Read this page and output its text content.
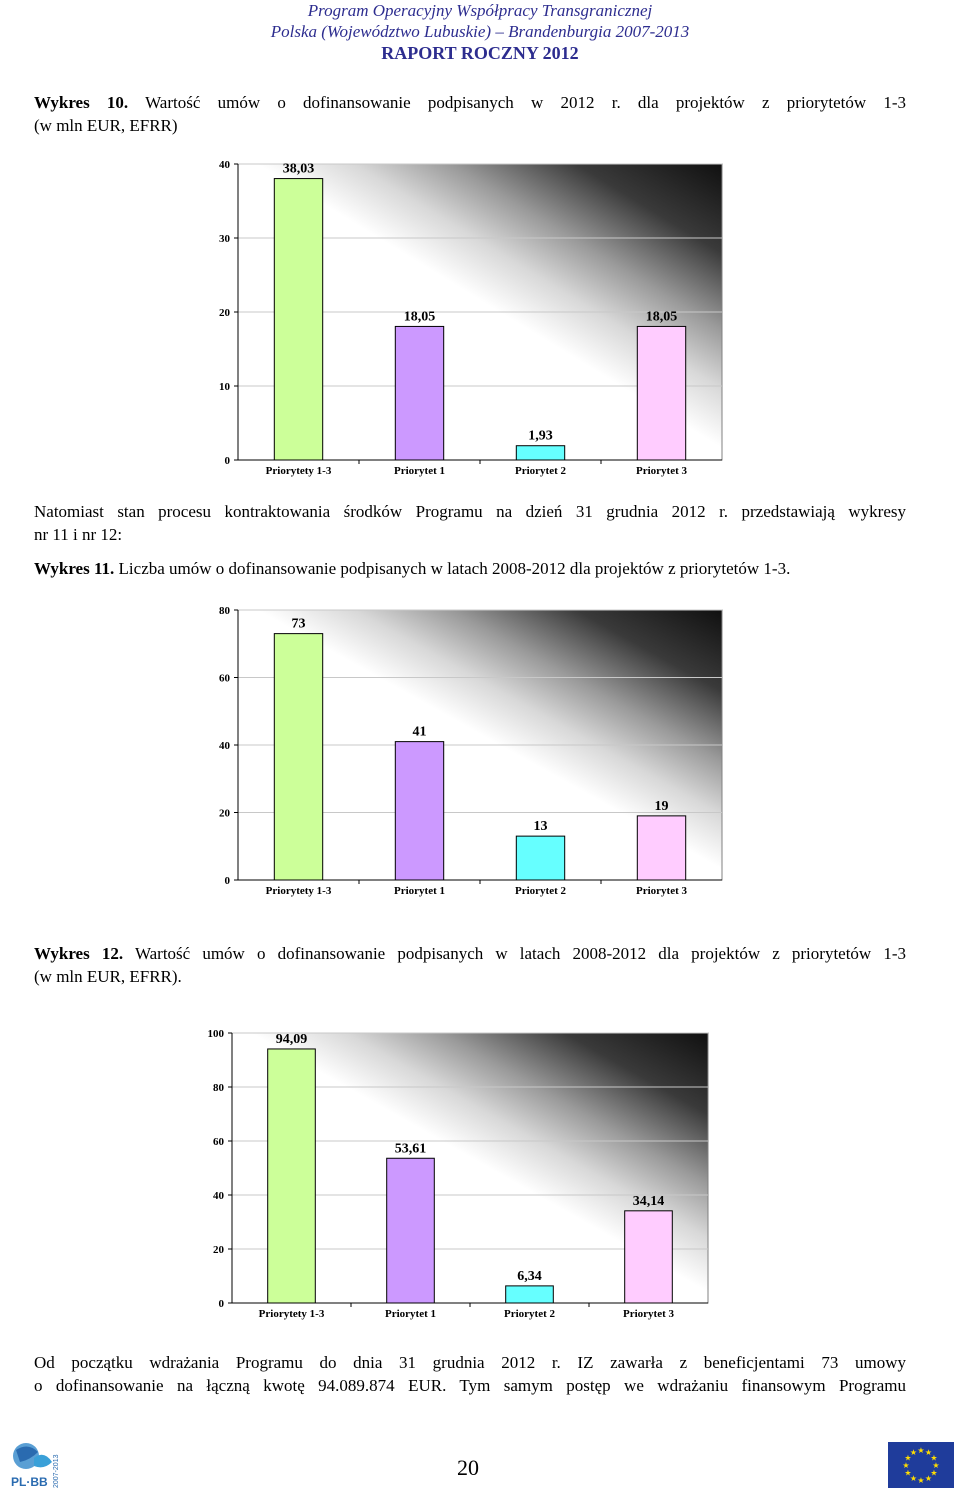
Program Operacyjny Współpracy Transgranicznej
Polska (Województwo Lubuskie) – Brandenburgia 2007-2013
RAPORT ROCZNY 2012
Wykres 10. Wartość umów o dofinansowanie podpisanych w 2012 r. dla projektów z priorytetów 1-3
(w mln EUR, EFRR)
0
10
20
30
40	38,03
Priorytety 1-3
18,05
Priorytet 1
1,93
Priorytet 2
18,05
Priorytet 3
Natomiast stan procesu kontraktowania środków Programu na dzień 31 grudnia 2012 r. przedstawiają wykresy
nr 11 i nr 12:
Wykres 11. Liczba umów o dofinansowanie podpisanych w latach 2008-2012 dla projektów z priorytetów 1-3.
0
20
40
60
80
73
Priorytety 1-3
41
Priorytet 1
13
Priorytet 2
19
Priorytet 3
Wykres 12. Wartość umów o dofinansowanie podpisanych w latach 2008-2012 dla projektów z priorytetów 1-3
(w mln EUR, EFRR).
0
20
40
60
80
100	94,09
Priorytety 1-3
53,61
Priorytet 1
6,34
Priorytet 2
34,14
Priorytet 3
Od początku wdrażania Programu do dnia 31 grudnia 2012 r. IZ zawarła z beneficjentami 73 umowy
o dofinansowanie na łączną kwotę 94.089.874 EUR. Tym samym postęp we wdrażaniu finansowym Programu
PL·BB 2007-2013	20
★ ★
★
★
★
★
★
★
★
★
★
★
